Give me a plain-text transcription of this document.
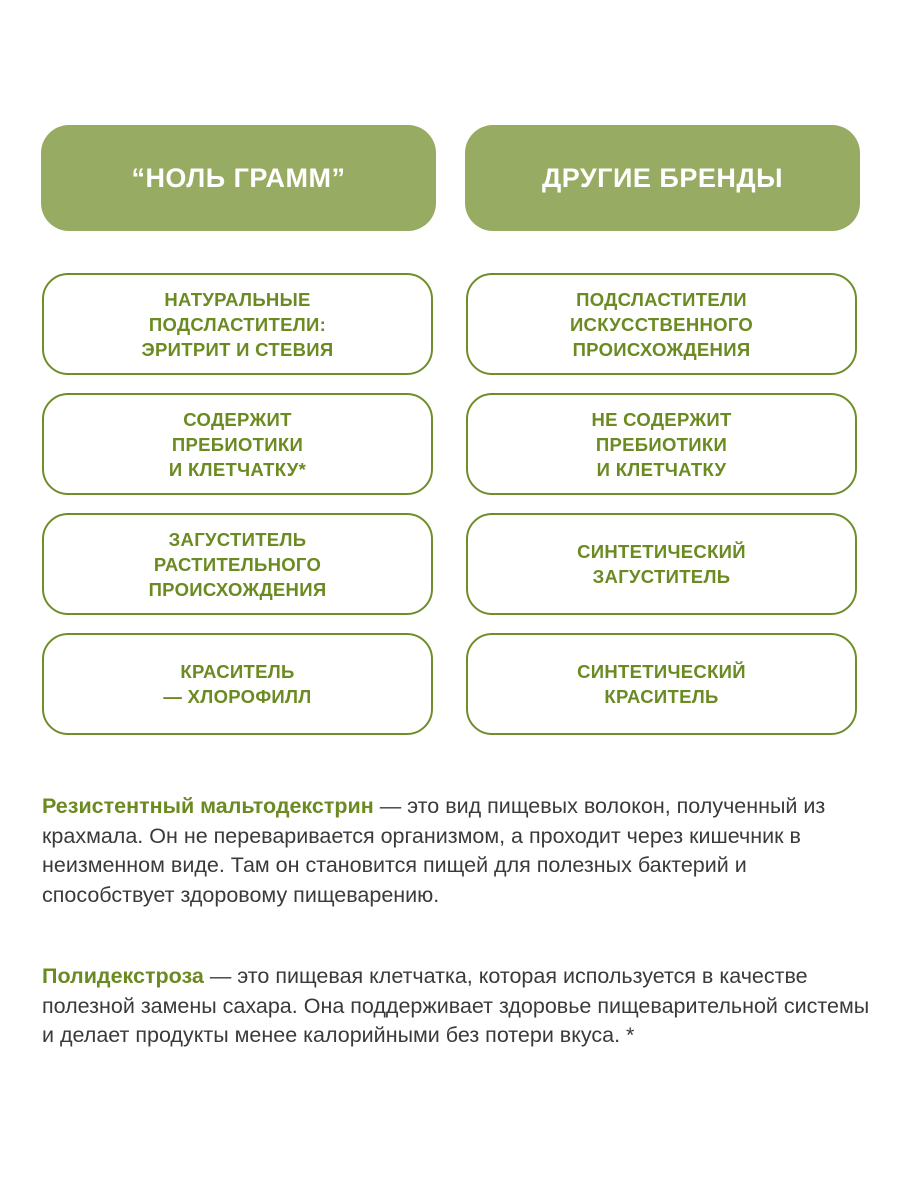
“НОЛЬ ГРАММ”	ДРУГИЕ БРЕНДЫ
НАТУРАЛЬНЫЕ
ПОДСЛАСТИТЕЛИ:
ЭРИТРИТ И СТЕВИЯ
ПОДСЛАСТИТЕЛИ
ИСКУССТВЕННОГО
ПРОИСХОЖДЕНИЯ
СОДЕРЖИТ
ПРЕБИОТИКИ
И КЛЕТЧАТКУ*
НЕ СОДЕРЖИТ
ПРЕБИОТИКИ
И КЛЕТЧАТКУ
ЗАГУСТИТЕЛЬ
РАСТИТЕЛЬНОГО
ПРОИСХОЖДЕНИЯ
СИНТЕТИЧЕСКИЙ
ЗАГУСТИТЕЛЬ
КРАСИТЕЛЬ
— ХЛОРОФИЛЛ
СИНТЕТИЧЕСКИЙ
КРАСИТЕЛЬ

Резистентный мальтодекстрин — это вид пищевых волокон, полученный из крахмала. Он не переваривается организмом, а проходит через кишечник в неизменном виде. Там он становится пищей для полезных бактерий и способствует здоровому пищеварению.

Полидекстроза — это пищевая клетчатка, которая используется в качестве полезной замены сахара. Она поддерживает здоровье пищеварительной системы и делает продукты менее калорийными без потери вкуса. *
